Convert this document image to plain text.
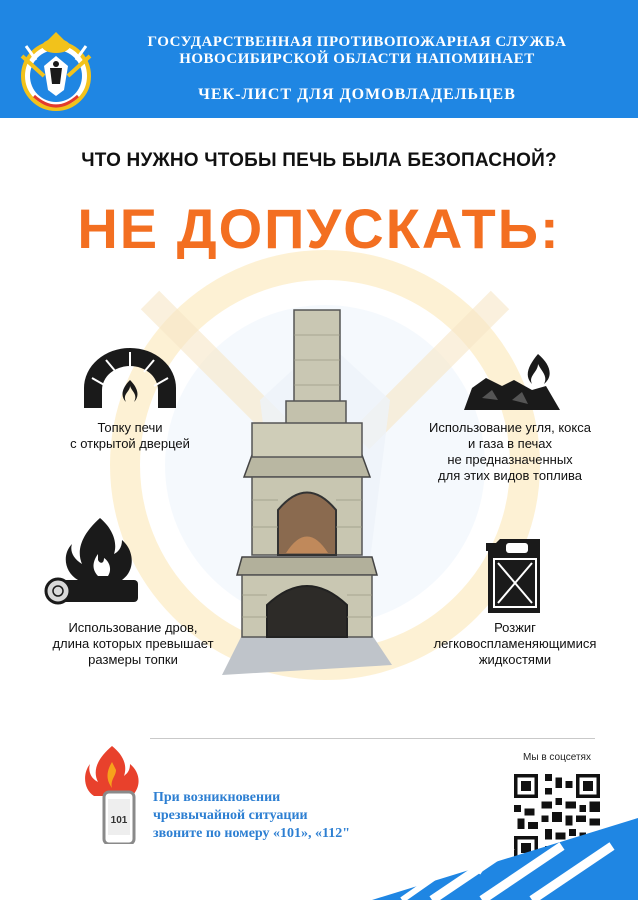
ГОСУДАРСТВЕННАЯ ПРОТИВОПОЖАРНАЯ СЛУЖБА
НОВОСИБИРСКОЙ ОБЛАСТИ НАПОМИНАЕТ
ЧЕК-ЛИСТ ДЛЯ ДОМОВЛАДЕЛЬЦЕВ
ЧТО НУЖНО ЧТОБЫ ПЕЧЬ БЫЛА БЕЗОПАСНОЙ?
НЕ ДОПУСКАТЬ:
Топку печи
с открытой дверцей
Использование угля, кокса
и газа в печах
не предназначенных
для этих видов топлива
Использование дров,
длина которых превышает
размеры топки
Розжиг
легковоспламеняющимися
жидкостями
101
При возникновении
чрезвычайной ситуации
звоните по номеру «101», «112"
Мы в соцсетях
